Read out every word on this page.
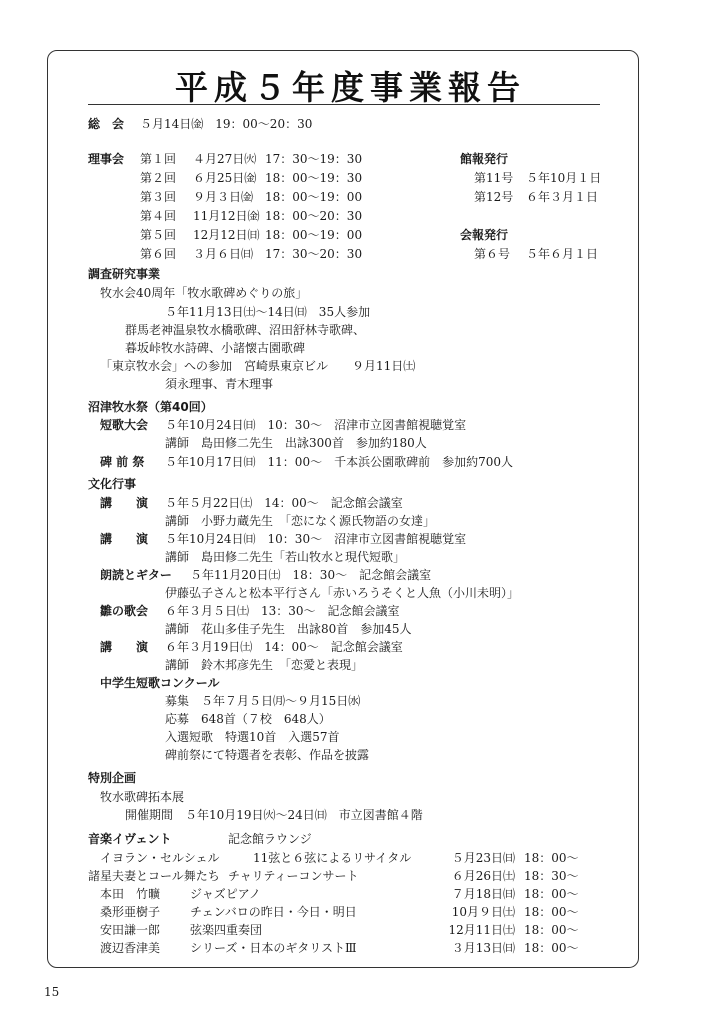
平成５年度事業報告
総　会 ５月14日㈮　19：00〜20：30
理事会 第１回 ４月27日㈫ 17：30〜19：30
第２回 ６月25日㈮ 18：00〜19：30
第３回 ９月３日㈮ 18：00〜19：00
第４回 11月12日㈮ 18：00〜20：30
第５回 12月12日㈰ 18：00〜19：00
第６回 ３月６日㈰ 17：30〜20：30
館報発行
第11号 ５年10月１日
第12号 ６年３月１日
会報発行
第６号 ５年６月１日
調査研究事業
牧水会40周年「牧水歌碑めぐりの旅」
５年11月13日㈯〜14日㈰　35人参加
群馬老神温泉牧水橋歌碑、沼田舒林寺歌碑、
暮坂峠牧水詩碑、小諸懐古園歌碑
「東京牧水会」への参加　宮崎県東京ビル　　９月11日㈯
須永理事、青木理事
沼津牧水祭（第40回）
短歌大会 ５年10月24日㈰　10：30〜　沼津市立図書館視聴覚室
講師　島田修二先生　出詠300首　参加約180人
碑 前 祭 ５年10月17日㈰　11：00〜　千本浜公園歌碑前　参加約700人
文化行事
講　　演 ５年５月22日㈯　14：00〜　記念館会議室
講師　小野力蔵先生　「恋になく源氏物語の女達」
講　　演 ５年10月24日㈰　10：30〜　沼津市立図書館視聴覚室
講師　島田修二先生「若山牧水と現代短歌」
朗読とギター ５年11月20日㈯　18：30〜　記念館会議室
伊藤弘子さんと松本平行さん「赤いろうそくと人魚（小川未明）」
雛の歌会 ６年３月５日㈯　13：30〜　記念館会議室
講師　花山多佳子先生　出詠80首　参加45人
講　　演 ６年３月19日㈯　14：00〜　記念館会議室
講師　鈴木邦彦先生　「恋愛と表現」
中学生短歌コンクール
募集　５年７月５日㈪〜９月15日㈬
応募　648首（７校　648人）
入選短歌　特選10首　入選57首
碑前祭にて特選者を表彰、作品を披露
特別企画
牧水歌碑拓本展
開催期間　５年10月19日㈫〜24日㈰　市立図書館４階
音楽イヴェント	記念館ラウンジ
イヨラン・セルシェル	11弦と６弦によるリサイタル	５月23日㈰ 18：00〜
諸星夫妻とコール舞たち チャリティーコンサート	６月26日㈯ 18：30〜
本田　竹曠 ジャズピアノ	７月18日㈰ 18：00〜
桑形亜樹子 チェンバロの昨日・今日・明日	10月９日㈯ 18：00〜
安田謙一郎 弦楽四重奏団	12月11日㈯ 18：00〜
渡辺香津美 シリーズ・日本のギタリストⅢ	３月13日㈰ 18：00〜
15
